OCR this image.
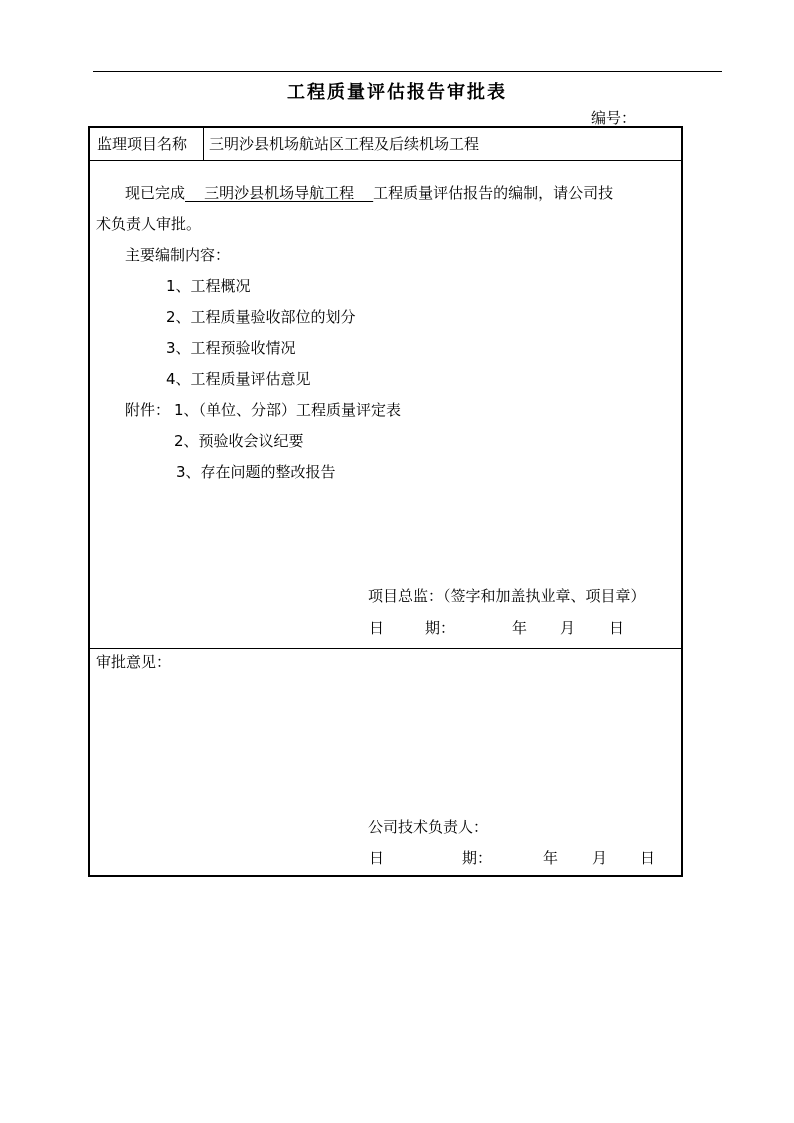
工程质量评估报告审批表
编号：
监理项目名称	三明沙县机场航站区工程及后续机场工程
现已完成    三明沙县机场导航工程    工程质量评估报告的编制，请公司技
术负责人审批。
主要编制内容：
1、工程概况
2、工程质量验收部位的划分
3、工程预验收情况
4、工程质量评估意见
附件： 1、（单位、分部）工程质量评定表
2、预验收会议纪要
3、存在问题的整改报告
项目总监：（签字和加盖执业章、项目章）
日	期：	年 月 日
审批意见：
公司技术负责人：
日	期：	年 月 日
